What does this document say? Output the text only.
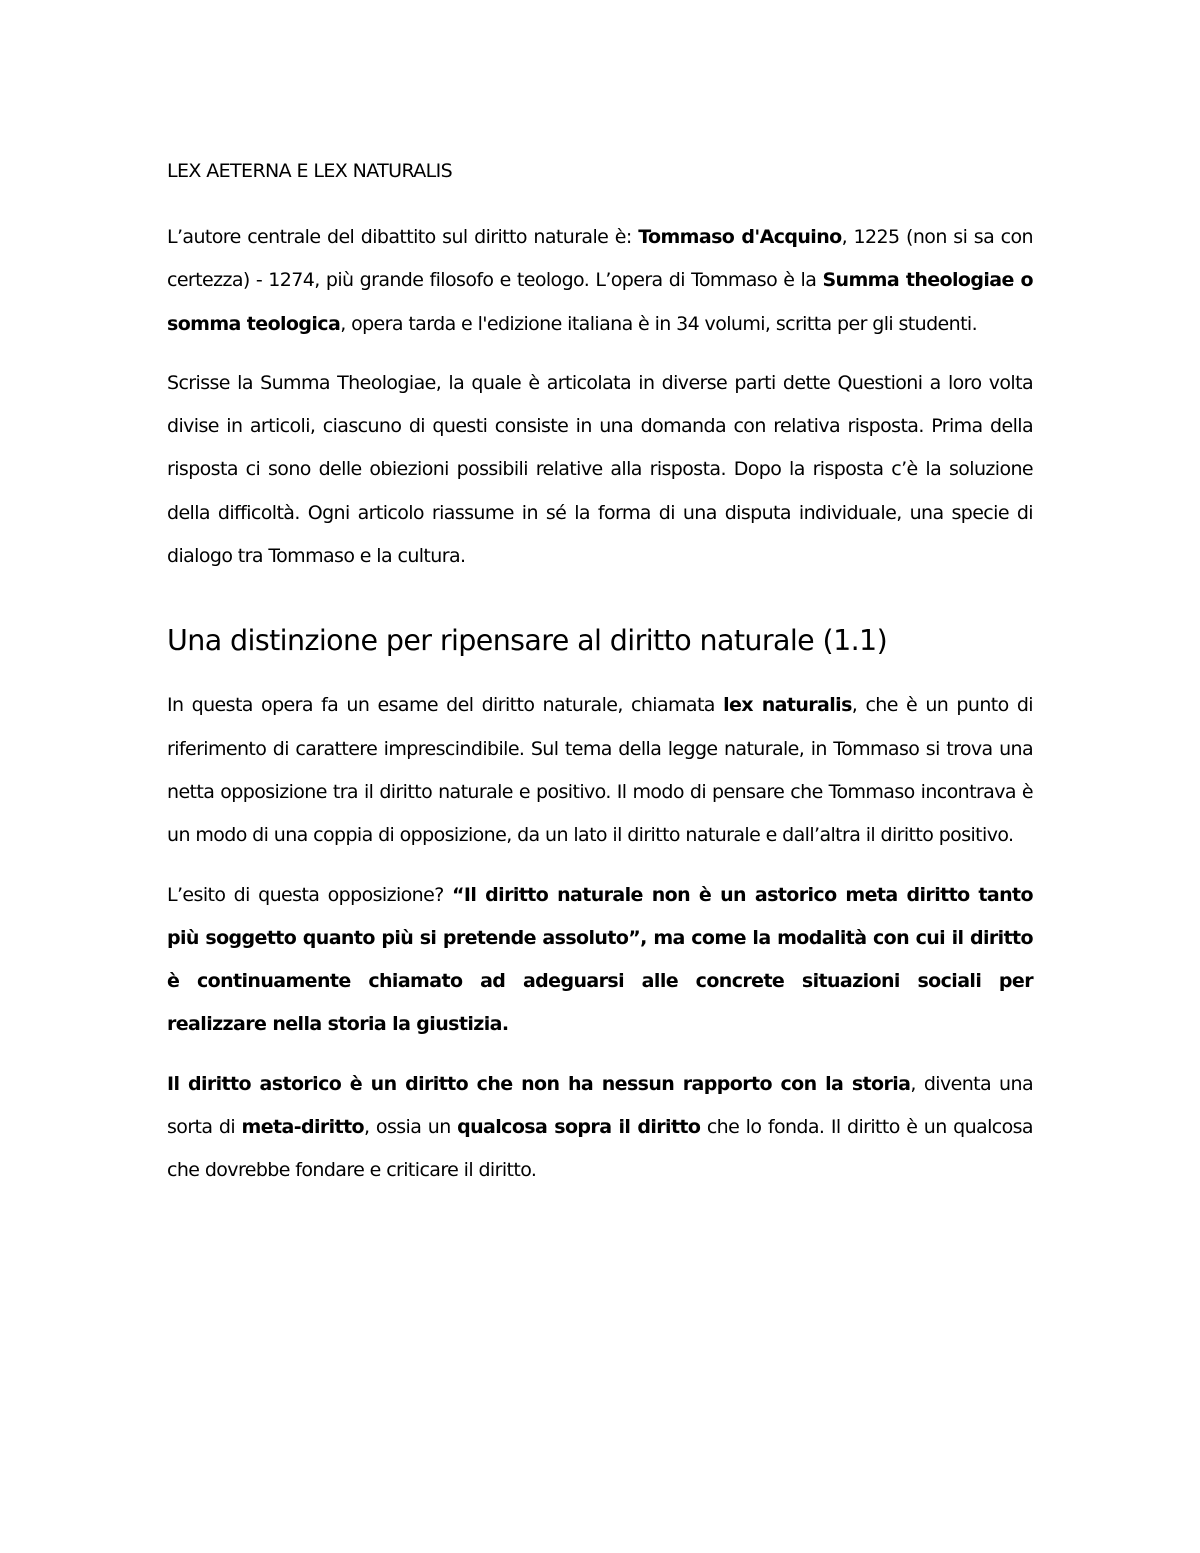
LEX AETERNA E LEX NATURALIS

L’autore centrale del dibattito sul diritto naturale è: Tommaso d'Acquino, 1225 (non si sa con certezza) - 1274, più grande filosofo e teologo. L’opera di Tommaso è la Summa theologiae o somma teologica, opera tarda e l'edizione italiana è in 34 volumi, scritta per gli studenti.

Scrisse la Summa Theologiae, la quale è articolata in diverse parti dette Questioni a loro volta divise in articoli, ciascuno di questi consiste in una domanda con relativa risposta. Prima della risposta ci sono delle obiezioni possibili relative alla risposta. Dopo la risposta c’è la soluzione della difficoltà. Ogni articolo riassume in sé la forma di una disputa individuale, una specie di dialogo tra Tommaso e la cultura.

Una distinzione per ripensare al diritto naturale (1.1)

In questa opera fa un esame del diritto naturale, chiamata lex naturalis, che è un punto di riferimento di carattere imprescindibile. Sul tema della legge naturale, in Tommaso si trova una netta opposizione tra il diritto naturale e positivo. Il modo di pensare che Tommaso incontrava è un modo di una coppia di opposizione, da un lato il diritto naturale e dall’altra il diritto positivo.

L’esito di questa opposizione? “Il diritto naturale non è un astorico meta diritto tanto più soggetto quanto più si pretende assoluto”, ma come la modalità con cui il diritto è continuamente chiamato ad adeguarsi alle concrete situazioni sociali per realizzare nella storia la giustizia.

Il diritto astorico è un diritto che non ha nessun rapporto con la storia, diventa una sorta di meta-diritto, ossia un qualcosa sopra il diritto che lo fonda. Il diritto è un qualcosa che dovrebbe fondare e criticare il diritto.
